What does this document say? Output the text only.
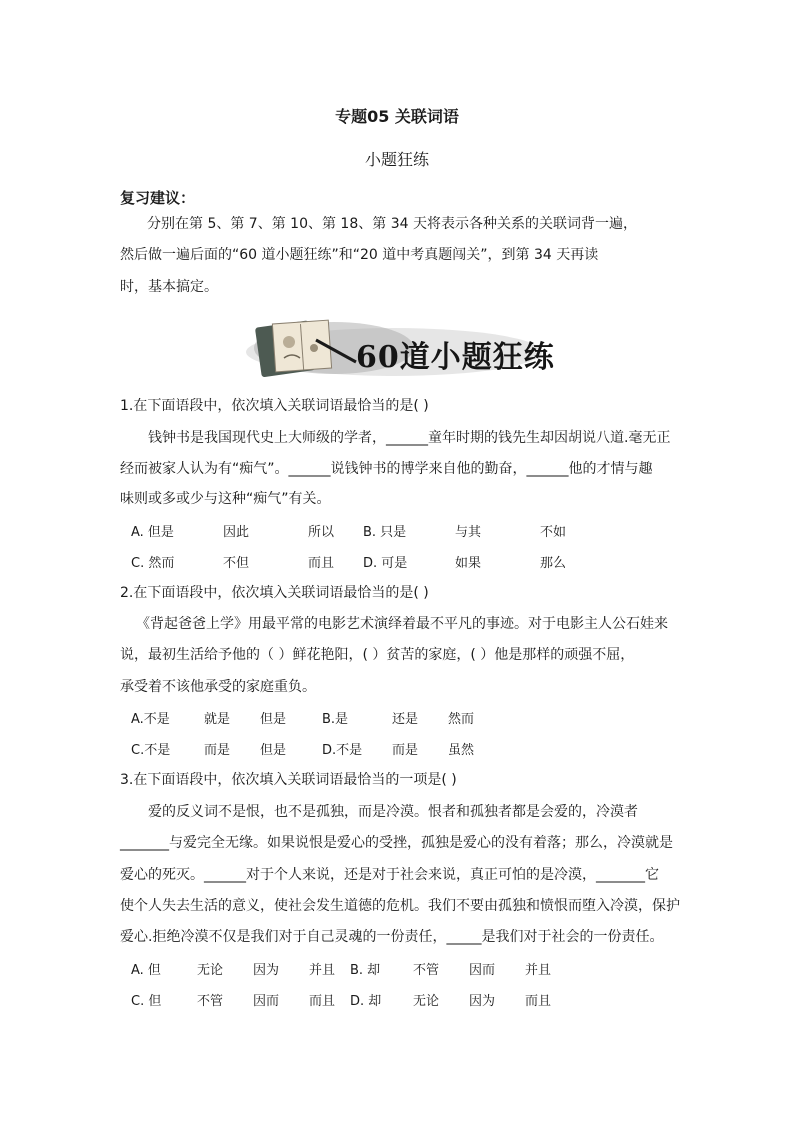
专题05 关联词语
小题狂练
复习建议：
分别在第 5、第 7、第 10、第 18、第 34 天将表示各种关系的关联词背一遍，
然后做一遍后面的“60 道小题狂练”和“20 道中考真题闯关”，到第 34 天再读
时，基本搞定。
60道小题狂练
1.在下面语段中，依次填入关联词语最恰当的是( )
钱钟书是我国现代史上大师级的学者，______童年时期的钱先生却因胡说八道.毫无正
经而被家人认为有“痴气”。______说钱钟书的博学来自他的勤奋，______他的才情与趣
味则或多或少与这种“痴气”有关。
A. 但是	因此	所以 B. 只是	与其	不如
C. 然而	不但	而且 D. 可是	如果	那么
2.在下面语段中，依次填入关联词语最恰当的是( )
《背起爸爸上学》用最平常的电影艺术演绎着最不平凡的事迹。对于电影主人公石娃来
说，最初生活给予他的（ ）鲜花艳阳，( ）贫苦的家庭，( ）他是那样的顽强不屈，
承受着不该他承受的家庭重负。
A.不是	就是 但是	B.是	还是 然而
C.不是	而是 但是	D.不是 而是 虽然
3.在下面语段中，依次填入关联词语最恰当的一项是( )
爱的反义词不是恨，也不是孤独，而是冷漠。恨者和孤独者都是会爱的，冷漠者
_______与爱完全无缘。如果说恨是爱心的受挫，孤独是爱心的没有着落；那么，冷漠就是
爱心的死灭。______对于个人来说，还是对于社会来说，真正可怕的是冷漠，_______它
使个人失去生活的意义，使社会发生道德的危机。我们不要由孤独和愤恨而堕入冷漠，保护
爱心.拒绝冷漠不仅是我们对于自己灵魂的一份责任，_____是我们对于社会的一份责任。
A. 但	无论 因为 并且 B. 却	不管 因而 并且
C. 但	不管 因而 而且 D. 却 无论 因为 而且
